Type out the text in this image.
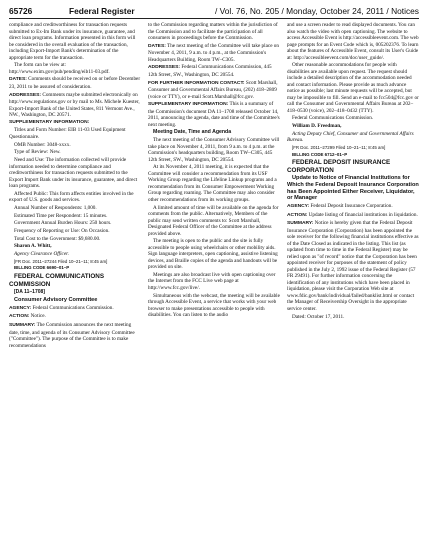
65726	Federal Register	/ Vol. 76, No. 205 / Monday, October 24, 2011 / Notices

compliance and creditworthiness for transaction requests submitted to Ex-Im Bank under its insurance, guarantee, and direct loan programs. Information presented in this form will be considered in the overall evaluation of the transaction, including Export-Import Bank's determination of the appropriate term for the transaction.

The form can be view at: http://www.exim.gov/pub/pending/eib11-03.pdf.

DATES: Comments should be received on or before December 23, 2011 to be assured of consideration.

ADDRESSES: Comments maybe submitted electronically on http://www.regulations.gov or by mail to Ms. Michele Kuester, Export-Import Bank of the United States, 811 Vermont Ave., NW., Washington, DC 20571.

SUPPLEMENTARY INFORMATION:

Titles and Form Number: EIB 11-03 Used Equipment Questionnaire.

OMB Number: 3048-xxxx.

Type of Review: New.

Need and Use: The information collected will provide information needed to determine compliance and creditworthiness for transaction requests submitted to the Export Import Bank under its insurance, guarantee, and direct loan programs.

Affected Public: This form affects entities involved in the export of U.S. goods and services.

Annual Number of Respondents: 1,000.

Estimated Time per Respondent: 15 minutes.

Government Annual Burden Hours: 250 hours.

Frequency of Reporting or Use: On Occasion.

Total Cost to the Government: $9,680.00.

Sharon A. Whitt,

Agency Clearance Officer.

[FR Doc. 2011–27244 Filed 10–21–11; 8:45 am]

BILLING CODE 6690–01–P

FEDERAL COMMUNICATIONS COMMISSION

[DA 11–1708]

Consumer Advisory Committee

AGENCY: Federal Communications Commission.

ACTION: Notice.

SUMMARY: The Commission announces the next meeting date, time, and agenda of its Consumer Advisory Committee ("Committee"). The purpose of the Committee is to make recommendations

to the Commission regarding matters within the jurisdiction of the Commission and to facilitate the participation of all consumers in proceedings before the Commission.

DATES: The next meeting of the Committee will take place on November 4, 2011, 9 a.m. to 4 p.m., at the Commission's Headquarters Building, Room TW–C305.

ADDRESSES: Federal Communications Commission, 445 12th Street, SW., Washington, DC 20554.

FOR FURTHER INFORMATION CONTACT: Scott Marshall, Consumer and Governmental Affairs Bureau, (202) 418–2809 (voice or TTY), or e-mail Scott.Marshall@fcc.gov.

SUPPLEMENTARY INFORMATION: This is a summary of the Commission's document DA 11–1708 released October 14, 2011, announcing the agenda, date and time of the Committee's next meeting.

Meeting Date, Time and Agenda

The next meeting of the Consumer Advisory Committee will take place on November 4, 2011, from 9 a.m. to 4 p.m. at the Commission's headquarters building, Room TW–C305, 445 12th Street, SW., Washington, DC 20554.

At its November 4, 2011 meeting, it is expected that the Committee will consider a recommendation from its USF Working Group regarding the Lifeline Linkup programs and a recommendation from its Consumer Empowerment Working Group regarding roaming. The Committee may also consider other recommendations from its working groups.

A limited amount of time will be available on the agenda for comments from the public. Alternatively, Members of the public may send written comments to: Scott Marshall, Designated Federal Officer of the Committee at the address provided above.

The meeting is open to the public and the site is fully accessible to people using wheelchairs or other mobility aids. Sign language interpreters, open captioning, assistive listening devices, and Braille copies of the agenda and handouts will be provided on site.

Meetings are also broadcast live with open captioning over the Internet from the FCC Live web page at http://www.fcc.gov/live/.

Simultaneous with the webcast, the meeting will be available through Accessible Event, a service that works with your web browser to make presentations accessible to people with disabilities. You can listen to the audio

and use a screen reader to read displayed documents. You can also watch the video with open captioning. The website to access Accessible Event is http://accessibleevent.com. The web page prompts for an Event Code which is, 005202376. To learn about the features of Accessible Event, consult its User's Guide at: http://accessibleevent.com/doc/user_guide/.

Other reasonable accommodations for people with disabilities are available upon request. The request should include a detailed description of the accommodation needed and contact information. Please provide as much advance notice as possible; last minute requests will be accepted, but may be impossible to fill. Send an e-mail to fcc504@fcc.gov or call the Consumer and Governmental Affairs Bureau at 202–418–0530 (voice), 202–418–0432 (TTY).

Federal Communications Commission.

William D. Freedman,

Acting Deputy Chief, Consumer and Governmental Affairs Bureau.

[FR Doc. 2011–27299 Filed 10–21–11; 8:45 am]

BILLING CODE 6712–01–P

FEDERAL DEPOSIT INSURANCE CORPORATION

Update to Notice of Financial Institutions for Which the Federal Deposit Insurance Corporation has Been Appointed Either Receiver, Liquidator, or Manager

AGENCY: Federal Deposit Insurance Corporation.

ACTION: Update listing of financial institutions in liquidation.

SUMMARY: Notice is hereby given that the Federal Deposit Insurance Corporation (Corporation) has been appointed the sole receiver for the following financial institutions effective as of the Date Closed as indicated in the listing. This list (as updated from time to time in the Federal Register) may be relied upon as "of record" notice that the Corporation has been appointed receiver for purposes of the statement of policy published in the July 2, 1992 issue of the Federal Register (57 FR 29491). For further information concerning the identification of any institutions which have been placed in liquidation, please visit the Corporation Web site at www.fdic.gov/bank/individual/failed/banklist.html or contact the Manager of Receivership Oversight in the appropriate service center.

Dated: October 17, 2011.
